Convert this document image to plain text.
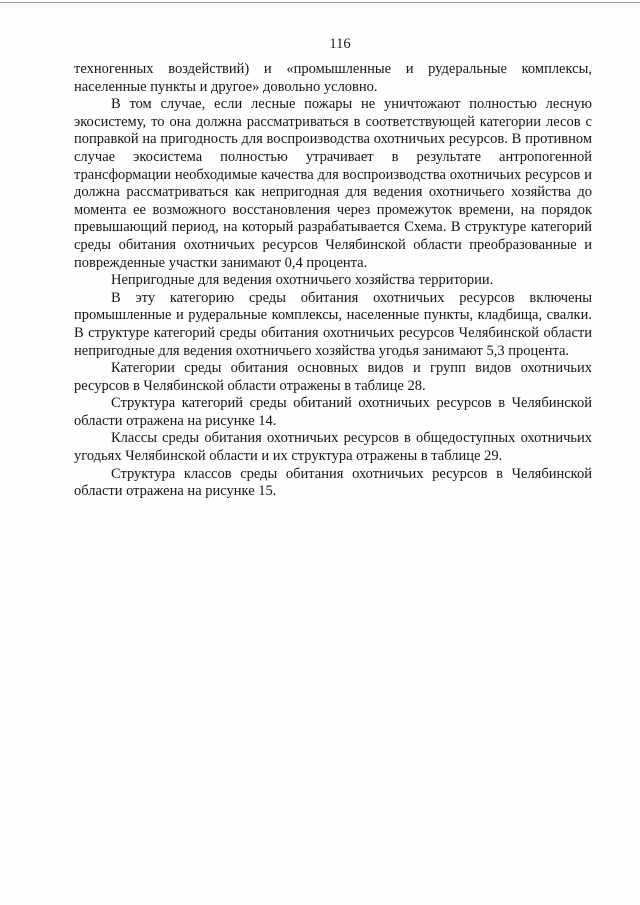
116

техногенных воздействий) и «промышленные и рудеральные комплексы, населенные пункты и другое» довольно условно.

В том случае, если лесные пожары не уничтожают полностью лесную экосистему, то она должна рассматриваться в соответствующей категории лесов с поправкой на пригодность для воспроизводства охотничьих ресурсов. В противном случае экосистема полностью утрачивает в результате антропогенной трансформации необходимые качества для воспроизводства охотничьих ресурсов и должна рассматриваться как непригодная для ведения охотничьего хозяйства до момента ее возможного восстановления через промежуток времени, на порядок превышающий период, на который разрабатывается Схема. В структуре категорий среды обитания охотничьих ресурсов Челябинской области преобразованные и поврежденные участки занимают 0,4 процента.

Непригодные для ведения охотничьего хозяйства территории.

В эту категорию среды обитания охотничьих ресурсов включены промышленные и рудеральные комплексы, населенные пункты, кладбища, свалки. В структуре категорий среды обитания охотничьих ресурсов Челябинской области непригодные для ведения охотничьего хозяйства угодья занимают 5,3 процента.

Категории среды обитания основных видов и групп видов охотничьих ресурсов в Челябинской области отражены в таблице 28.

Структура категорий среды обитаний охотничьих ресурсов в Челябинской области отражена на рисунке 14.

Классы среды обитания охотничьих ресурсов в общедоступных охотничьих угодьях Челябинской области и их структура отражены в таблице 29.

Структура классов среды обитания охотничьих ресурсов в Челябинской области отражена на рисунке 15.
